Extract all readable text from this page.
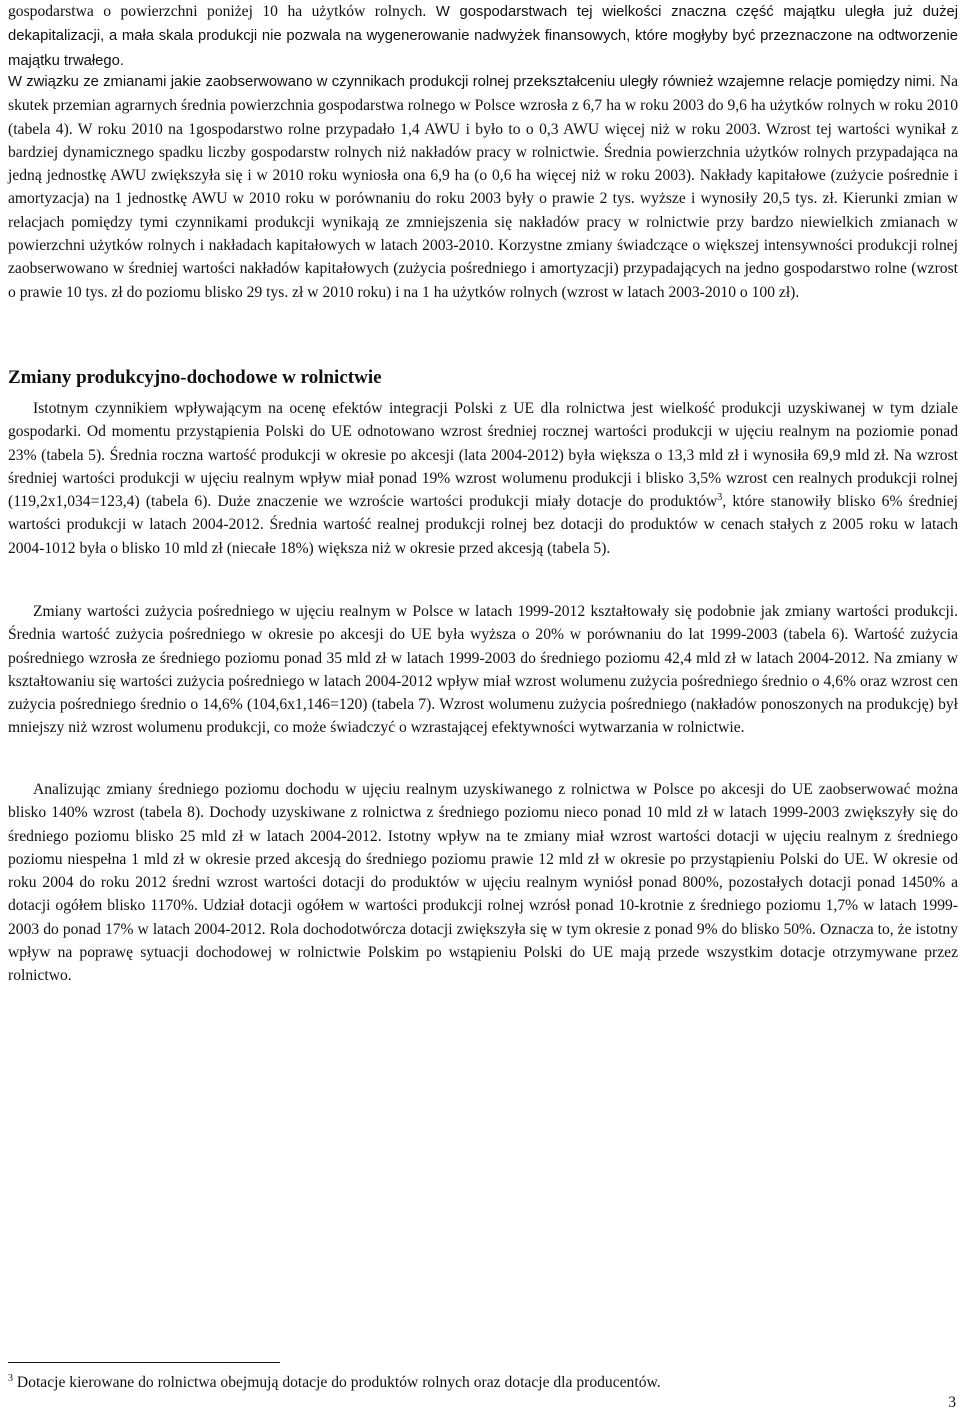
gospodarstwa o powierzchni poniżej 10 ha użytków rolnych. W gospodarstwach tej wielkości znaczna część majątku uległa już dużej dekapitalizacji, a mała skala produkcji nie pozwala na wygenerowanie nadwyżek finansowych, które mogłyby być przeznaczone na odtworzenie majątku trwałego.

W związku ze zmianami jakie zaobserwowano w czynnikach produkcji rolnej przekształceniu uległy również wzajemne relacje pomiędzy nimi. Na skutek przemian agrarnych średnia powierzchnia gospodarstwa rolnego w Polsce wzrosła z 6,7 ha w roku 2003 do 9,6 ha użytków rolnych w roku 2010 (tabela 4). W roku 2010 na 1gospodarstwo rolne przypadało 1,4 AWU i było to o 0,3 AWU więcej niż w roku 2003. Wzrost tej wartości wynikał z bardziej dynamicznego spadku liczby gospodarstw rolnych niż nakładów pracy w rolnictwie. Średnia powierzchnia użytków rolnych przypadająca na jedną jednostkę AWU zwiększyła się i w 2010 roku wyniosła ona 6,9 ha (o 0,6 ha więcej niż w roku 2003). Nakłady kapitałowe (zużycie pośrednie i amortyzacja) na 1 jednostkę AWU w 2010 roku w porównaniu do roku 2003 były o prawie 2 tys. wyższe i wynosiły 20,5 tys. zł. Kierunki zmian w relacjach pomiędzy tymi czynnikami produkcji wynikają ze zmniejszenia się nakładów pracy w rolnictwie przy bardzo niewielkich zmianach w powierzchni użytków rolnych i nakładach kapitałowych w latach 2003-2010. Korzystne zmiany świadczące o większej intensywności produkcji rolnej zaobserwowano w średniej wartości nakładów kapitałowych (zużycia pośredniego i amortyzacji) przypadających na jedno gospodarstwo rolne (wzrost o prawie 10 tys. zł do poziomu blisko 29 tys. zł w 2010 roku) i na 1 ha użytków rolnych (wzrost w latach 2003-2010 o 100 zł).

Zmiany produkcyjno-dochodowe w rolnictwie

Istotnym czynnikiem wpływającym na ocenę efektów integracji Polski z UE dla rolnictwa jest wielkość produkcji uzyskiwanej w tym dziale gospodarki. Od momentu przystąpienia Polski do UE odnotowano wzrost średniej rocznej wartości produkcji w ujęciu realnym na poziomie ponad 23% (tabela 5). Średnia roczna wartość produkcji w okresie po akcesji (lata 2004-2012) była większa o 13,3 mld zł i wynosiła 69,9 mld zł. Na wzrost średniej wartości produkcji w ujęciu realnym wpływ miał ponad 19% wzrost wolumenu produkcji i blisko 3,5% wzrost cen realnych produkcji rolnej (119,2x1,034=123,4) (tabela 6). Duże znaczenie we wzroście wartości produkcji miały dotacje do produktów$^3$, które stanowiły blisko 6% średniej wartości produkcji w latach 2004-2012. Średnia wartość realnej produkcji rolnej bez dotacji do produktów w cenach stałych z 2005 roku w latach 2004-1012 była o blisko 10 mld zł (niecałe 18%) większa niż w okresie przed akcesją (tabela 5).

Zmiany wartości zużycia pośredniego w ujęciu realnym w Polsce w latach 1999-2012 kształtowały się podobnie jak zmiany wartości produkcji. Średnia wartość zużycia pośredniego w okresie po akcesji do UE była wyższa o 20% w porównaniu do lat 1999-2003 (tabela 6). Wartość zużycia pośredniego wzrosła ze średniego poziomu ponad 35 mld zł w latach 1999-2003 do średniego poziomu 42,4 mld zł w latach 2004-2012. Na zmiany w kształtowaniu się wartości zużycia pośredniego w latach 2004-2012 wpływ miał wzrost wolumenu zużycia pośredniego średnio o 4,6% oraz wzrost cen zużycia pośredniego średnio o 14,6% (104,6x1,146=120) (tabela 7). Wzrost wolumenu zużycia pośredniego (nakładów ponoszonych na produkcję) był mniejszy niż wzrost wolumenu produkcji, co może świadczyć o wzrastającej efektywności wytwarzania w rolnictwie.

Analizując zmiany średniego poziomu dochodu w ujęciu realnym uzyskiwanego z rolnictwa w Polsce po akcesji do UE zaobserwować można blisko 140% wzrost (tabela 8). Dochody uzyskiwane z rolnictwa z średniego poziomu nieco ponad 10 mld zł w latach 1999-2003 zwiększyły się do średniego poziomu blisko 25 mld zł w latach 2004-2012. Istotny wpływ na te zmiany miał wzrost wartości dotacji w ujęciu realnym z średniego poziomu niespełna 1 mld zł w okresie przed akcesją do średniego poziomu prawie 12 mld zł w okresie po przystąpieniu Polski do UE. W okresie od roku 2004 do roku 2012 średni wzrost wartości dotacji do produktów w ujęciu realnym wyniósł ponad 800%, pozostałych dotacji ponad 1450% a dotacji ogółem blisko 1170%. Udział dotacji ogółem w wartości produkcji rolnej wzrósł ponad 10-krotnie z średniego poziomu 1,7% w latach 1999-2003 do ponad 17% w latach 2004-2012. Rola dochodotwórcza dotacji zwiększyła się w tym okresie z ponad 9% do blisko 50%. Oznacza to, że istotny wpływ na poprawę sytuacji dochodowej w rolnictwie Polskim po wstąpieniu Polski do UE mają przede wszystkim dotacje otrzymywane przez rolnictwo.

$^3$ Dotacje kierowane do rolnictwa obejmują dotacje do produktów rolnych oraz dotacje dla producentów.

3
